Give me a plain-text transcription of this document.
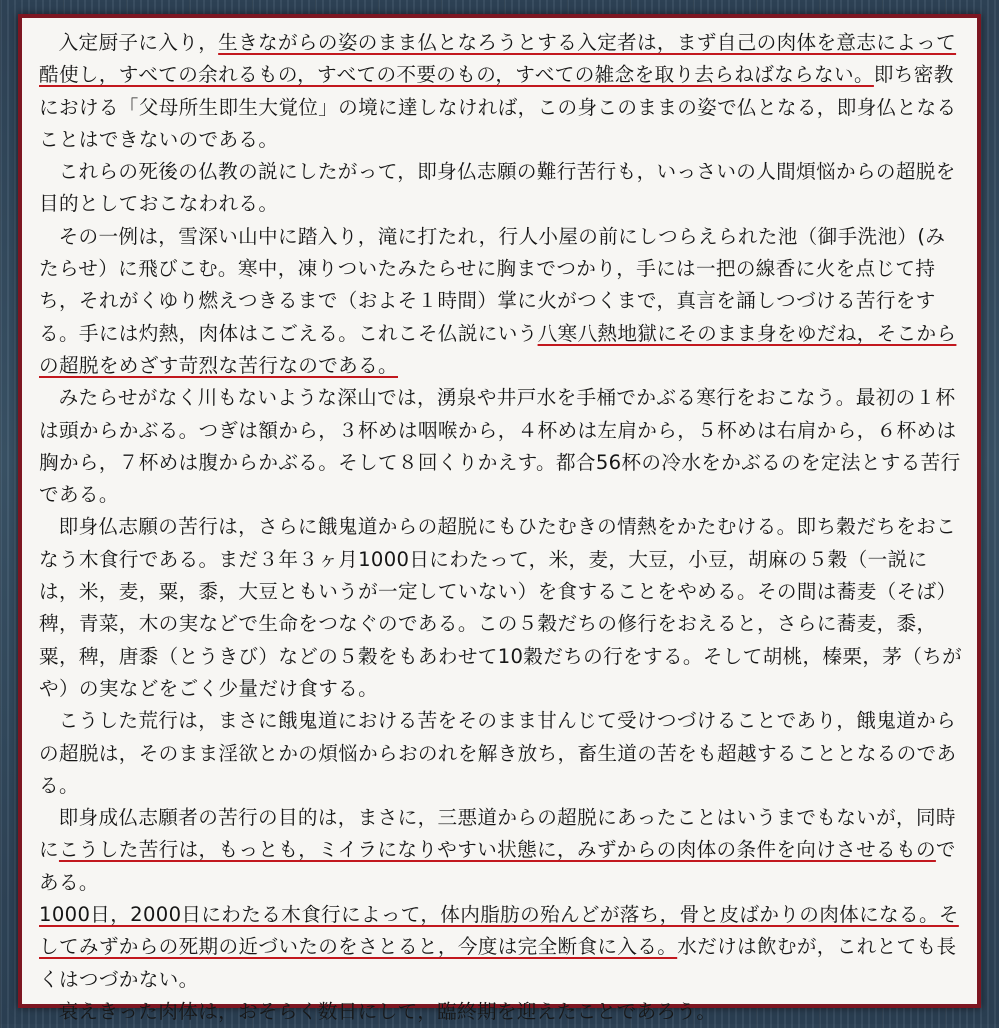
入定厨子に入り，生きながらの姿のまま仏となろうとする入定者は，まず自己の肉体を意志によって酷使し，すべての余れるもの，すべての不要のもの，すべての雑念を取り去らねばならない。即ち密教における「父母所生即生大覚位」の境に達しなければ，この身このままの姿で仏となる，即身仏となることはできないのである。

これらの死後の仏教の説にしたがって，即身仏志願の難行苦行も，いっさいの人間煩悩からの超脱を目的としておこなわれる。

その一例は，雪深い山中に踏入り，滝に打たれ，行人小屋の前にしつらえられた池（御手洗池）(みたらせ）に飛びこむ。寒中，凍りついたみたらせに胸までつかり，手には一把の線香に火を点じて持ち，それがくゆり燃えつきるまで（およそ１時間）掌に火がつくまで，真言を誦しつづける苦行をする。手には灼熱，肉体はこごえる。これこそ仏説にいう八寒八熱地獄にそのまま身をゆだね，そこからの超脱をめざす苛烈な苦行なのである。

みたらせがなく川もないような深山では，湧泉や井戸水を手桶でかぶる寒行をおこなう。最初の１杯は頭からかぶる。つぎは額から，３杯めは咽喉から，４杯めは左肩から，５杯めは右肩から，６杯めは胸から，７杯めは腹からかぶる。そして８回くりかえす。都合56杯の冷水をかぶるのを定法とする苦行である。

即身仏志願の苦行は，さらに餓鬼道からの超脱にもひたむきの情熱をかたむける。即ち穀だちをおこなう木食行である。まだ３年３ヶ月1000日にわたって，米，麦，大豆，小豆，胡麻の５穀（一説には，米，麦，粟，黍，大豆ともいうが一定していない）を食することをやめる。その間は蕎麦（そば）稗，青菜，木の実などで生命をつなぐのである。この５穀だちの修行をおえると，さらに蕎麦，黍，粟，稗，唐黍（とうきび）などの５穀をもあわせて10穀だちの行をする。そして胡桃，榛栗，茅（ちがや）の実などをごく少量だけ食する。

こうした荒行は，まさに餓鬼道における苦をそのまま甘んじて受けつづけることであり，餓鬼道からの超脱は，そのまま淫欲とかの煩悩からおのれを解き放ち，畜生道の苦をも超越することとなるのである。

即身成仏志願者の苦行の目的は，まさに，三悪道からの超脱にあったことはいうまでもないが，同時にこうした苦行は，もっとも，ミイラになりやすい状態に，みずからの肉体の条件を向けさせるものである。

1000日，2000日にわたる木食行によって，体内脂肪の殆んどが落ち，骨と皮ばかりの肉体になる。そしてみずからの死期の近づいたのをさとると，今度は完全断食に入る。水だけは飲むが，これとても長くはつづかない。

衰えきった肉体は，おそらく数日にして，臨終期を迎えたことであろう。
